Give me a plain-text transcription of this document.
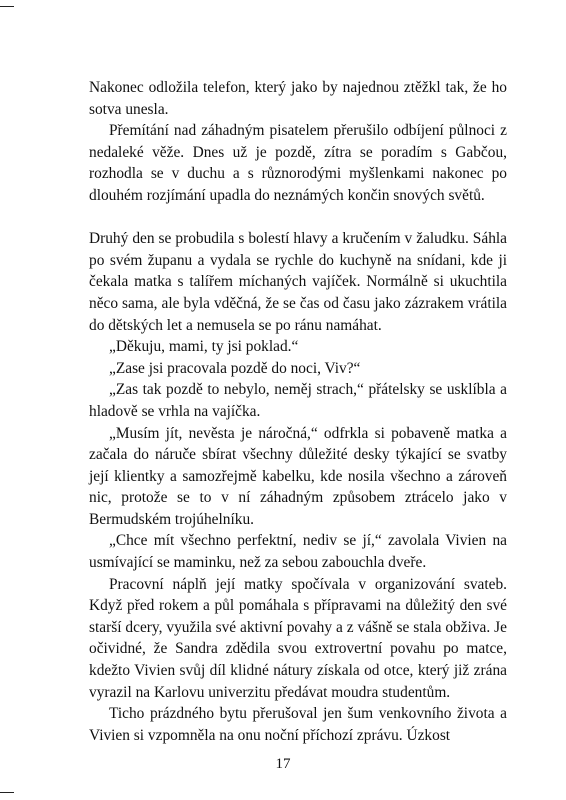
Nakonec odložila telefon, který jako by najednou ztěžkl tak, že ho sotva unesla.

Přemítání nad záhadným pisatelem přerušilo odbíjení půlnoci z nedaleké věže. Dnes už je pozdě, zítra se poradím s Gabčou, rozhodla se v duchu a s různorodými myšlenkami nakonec po dlouhém rozjímání upadla do neznámých končin snových světů.

Druhý den se probudila s bolestí hlavy a kručením v žaludku. Sáhla po svém županu a vydala se rychle do kuchyně na snídani, kde ji čekala matka s talířem míchaných vajíček. Normálně si ukuchtila něco sama, ale byla vděčná, že se čas od času jako zázrakem vrátila do dětských let a nemusela se po ránu namáhat.

„Děkuju, mami, ty jsi poklad.“

„Zase jsi pracovala pozdě do noci, Viv?“

„Zas tak pozdě to nebylo, neměj strach,“ přátelsky se usklíbla a hladově se vrhla na vajíčka.

„Musím jít, nevěsta je náročná,“ odfrkla si pobaveně matka a začala do náruče sbírat všechny důležité desky týkající se svatby její klientky a samozřejmě kabelku, kde nosila všechno a zároveň nic, protože se to v ní záhadným způsobem ztrácelo jako v Bermudském trojúhelníku.

„Chce mít všechno perfektní, nediv se jí,“ zavolala Vivien na usmívající se maminku, než za sebou zabouchla dveře.

Pracovní náplň její matky spočívala v organizování svateb. Když před rokem a půl pomáhala s přípravami na důležitý den své starší dcery, využila své aktivní povahy a z vášně se stala obživa. Je očividné, že Sandra zdědila svou extrovertní povahu po matce, kdežto Vivien svůj díl klidné nátury získala od otce, který již zrána vyrazil na Karlovu univerzitu předávat moudra studentům.

Ticho prázdného bytu přerušoval jen šum venkovního života a Vivien si vzpomněla na onu noční příchozí zprávu. Úzkost

17
